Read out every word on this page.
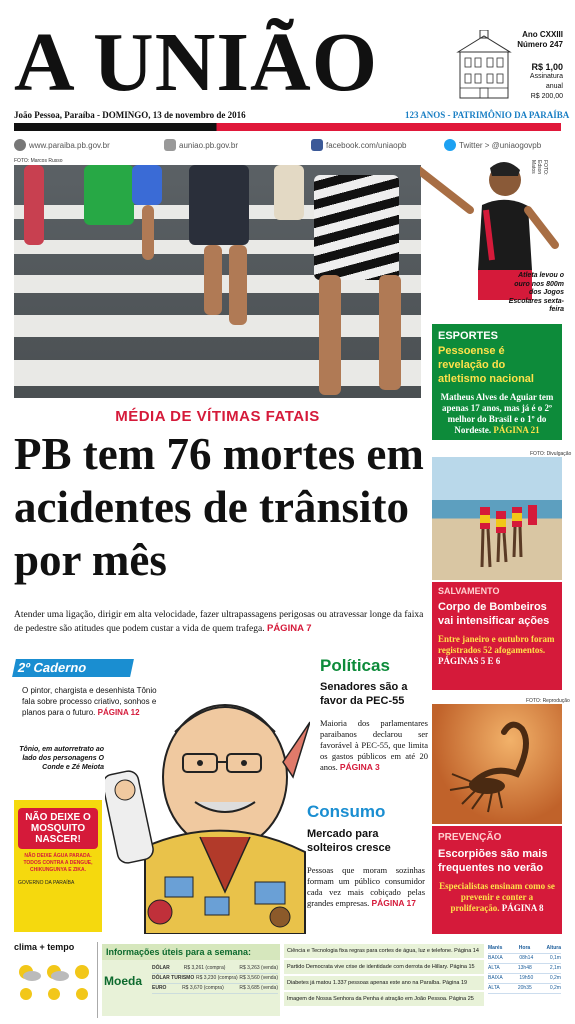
A UNIÃO	Ano CXXIII
Número 247
R$ 1,00
Assinatura anual
R$ 200,00
João Pessoa, Paraíba - DOMINGO, 13 de novembro de 2016	123 ANOS - PATRIMÔNIO DA PARAÍBA
www.paraiba.pb.gov.br	auniao.pb.gov.br	facebook.com/uniaopb	Twitter > @uniaogovpb
FOTO: Marcos Russo	FOTO: Edson Matos
Atleta levou o ouro nos 800m dos Jogos Escolares sexta-feira
ESPORTES
Pessoense é revelação do atletismo nacional
Matheus Alves de Aguiar tem apenas 17 anos, mas já é o 2º melhor do Brasil e o 1º do Nordeste. PÁGINA 21
MÉDIA DE VÍTIMAS FATAIS
PB tem 76 mortes em acidentes de trânsito por mês
Atender uma ligação, dirigir em alta velocidade, fazer ultrapassagens perigosas ou atravessar longe da faixa de pedestre são atitudes que podem custar a vida de quem trafega. PÁGINA 7
FOTO: Divulgação
SALVAMENTO
Corpo de Bombeiros vai intensificar ações
Entre janeiro e outubro foram registrados 52 afogamentos. PÁGINAS 5 E 6
FOTO: Reprodução
PREVENÇÃO
Escorpiões são mais frequentes no verão
Especialistas ensinam como se prevenir e conter a proliferação. PÁGINA 8
2º Caderno
O pintor, chargista e desenhista Tônio fala sobre processo criativo, sonhos e planos para o futuro. PÁGINA 12
Tônio, em autorretrato ao lado dos personagens O Conde e Zé Meiota
NÃO DEIXE O MOSQUITO NASCER!
NÃO DEIXE ÁGUA PARADA. TODOS CONTRA A DENGUE, CHIKUNGUNYA E ZIKA.
GOVERNO DA PARAÍBA
Políticas
Senadores são a favor da PEC-55
Maioria dos parlamentares paraibanos declarou ser favorável à PEC-55, que limita os gastos públicos em até 20 anos. PÁGINA 3
Consumo
Mercado para solteiros cresce
Pessoas que moram sozinhas formam um público consumidor cada vez mais cobiçado pelas grandes empresas. PÁGINA 17
clima + tempo	Informações úteis para a semana:
Moeda
DÓLAR	R$ 3,261 (compra)	R$ 3,263 (venda)
DÓLAR TURISMO R$ 3,230 (compra) R$ 3,560 (venda)
EURO	R$ 3,670 (compra)	R$ 3,685 (venda)
Ciência e Tecnologia fixa regras para cortes de água, luz e telefone. Página 14
Partido Democrata vive crise de identidade com derrota de Hillary. Página 15
Diabetes já matou 1.337 pessoas apenas este ano na Paraíba. Página 19
Imagem de Nossa Senhora da Penha é atração em João Pessoa. Página 25
Marés	Hora	Altura
BAIXA	08h14	0,1m
ALTA	13h48	2,1m
BAIXA	19h50	0,2m
ALTA	20h35	0,2m
